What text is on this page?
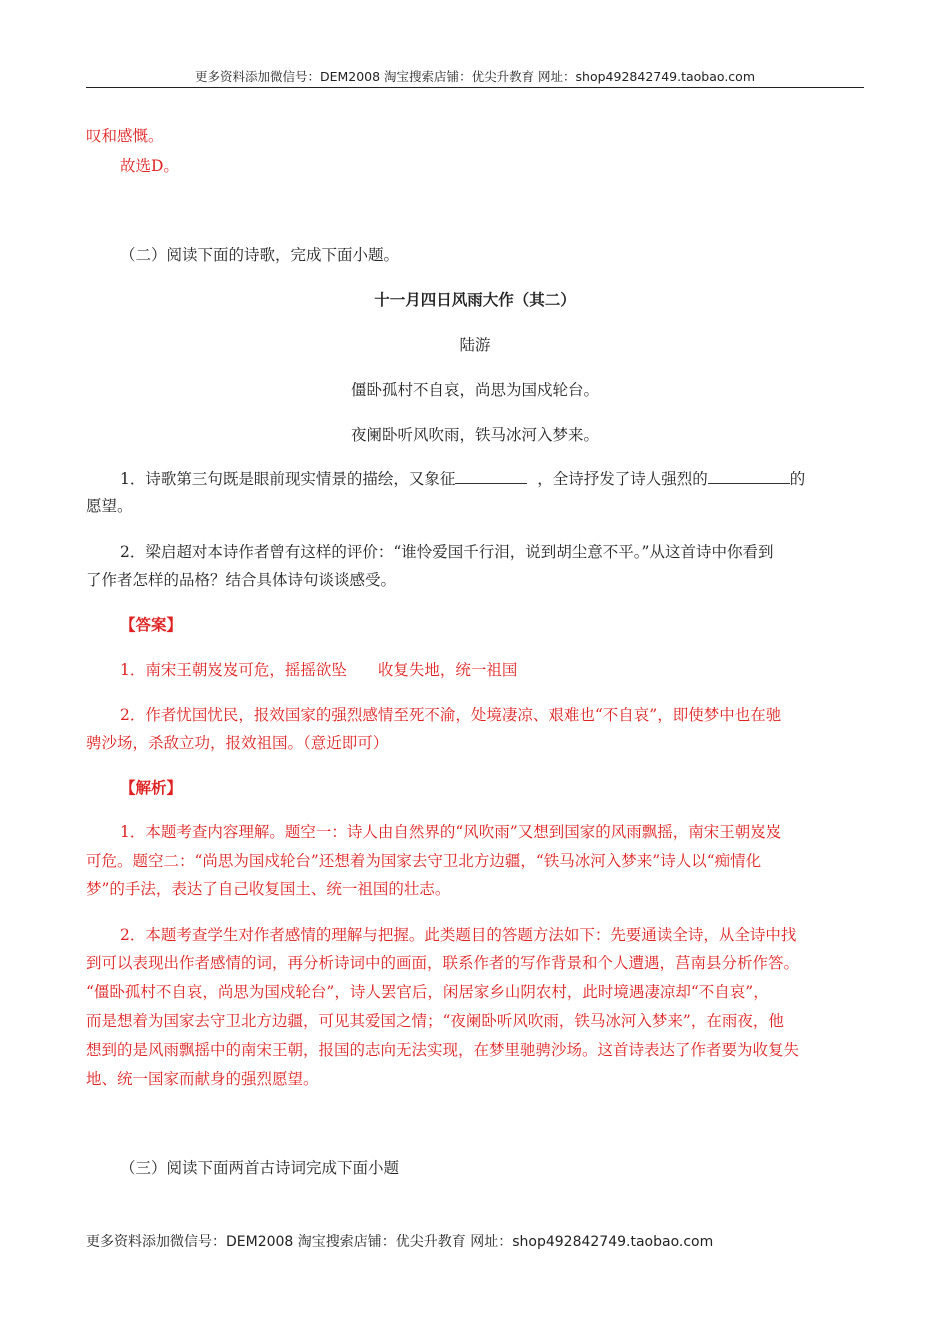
更多资料添加微信号：DEM2008 淘宝搜索店铺：优尖升教育 网址：shop492842749.taobao.com
叹和感慨。
故选D。
（二）阅读下面的诗歌，完成下面小题。
十一月四日风雨大作（其二）
陆游
僵卧孤村不自哀，尚思为国戍轮台。
夜阑卧听风吹雨，铁马冰河入梦来。
1．诗歌第三句既是眼前现实情景的描绘，又象征	，全诗抒发了诗人强烈的	的
愿望。
2．梁启超对本诗作者曾有这样的评价：“谁怜爱国千行泪，说到胡尘意不平。”从这首诗中你看到
了作者怎样的品格？结合具体诗句谈谈感受。
【答案】
1．南宋王朝岌岌可危，摇摇欲坠　　收复失地，统一祖国
2．作者忧国忧民，报效国家的强烈感情至死不渝，处境凄凉、艰难也“不自哀”，即使梦中也在驰
骋沙场，杀敌立功，报效祖国。（意近即可）
【解析】
1．本题考查内容理解。题空一：诗人由自然界的“风吹雨”又想到国家的风雨飘摇，南宋王朝岌岌
可危。题空二：“尚思为国戍轮台”还想着为国家去守卫北方边疆，“铁马冰河入梦来”诗人以“痴情化
梦”的手法，表达了自己收复国土、统一祖国的壮志。
2．本题考查学生对作者感情的理解与把握。此类题目的答题方法如下：先要通读全诗，从全诗中找
到可以表现出作者感情的词，再分析诗词中的画面，联系作者的写作背景和个人遭遇，莒南县分析作答。
“僵卧孤村不自哀，尚思为国戍轮台”，诗人罢官后，闲居家乡山阴农村，此时境遇凄凉却“不自哀”，
而是想着为国家去守卫北方边疆，可见其爱国之情；“夜阑卧听风吹雨，铁马冰河入梦来”，在雨夜，他
想到的是风雨飘摇中的南宋王朝，报国的志向无法实现，在梦里驰骋沙场。这首诗表达了作者要为收复失
地、统一国家而献身的强烈愿望。
（三）阅读下面两首古诗词完成下面小题
更多资料添加微信号：DEM2008 淘宝搜索店铺：优尖升教育 网址：shop492842749.taobao.com
